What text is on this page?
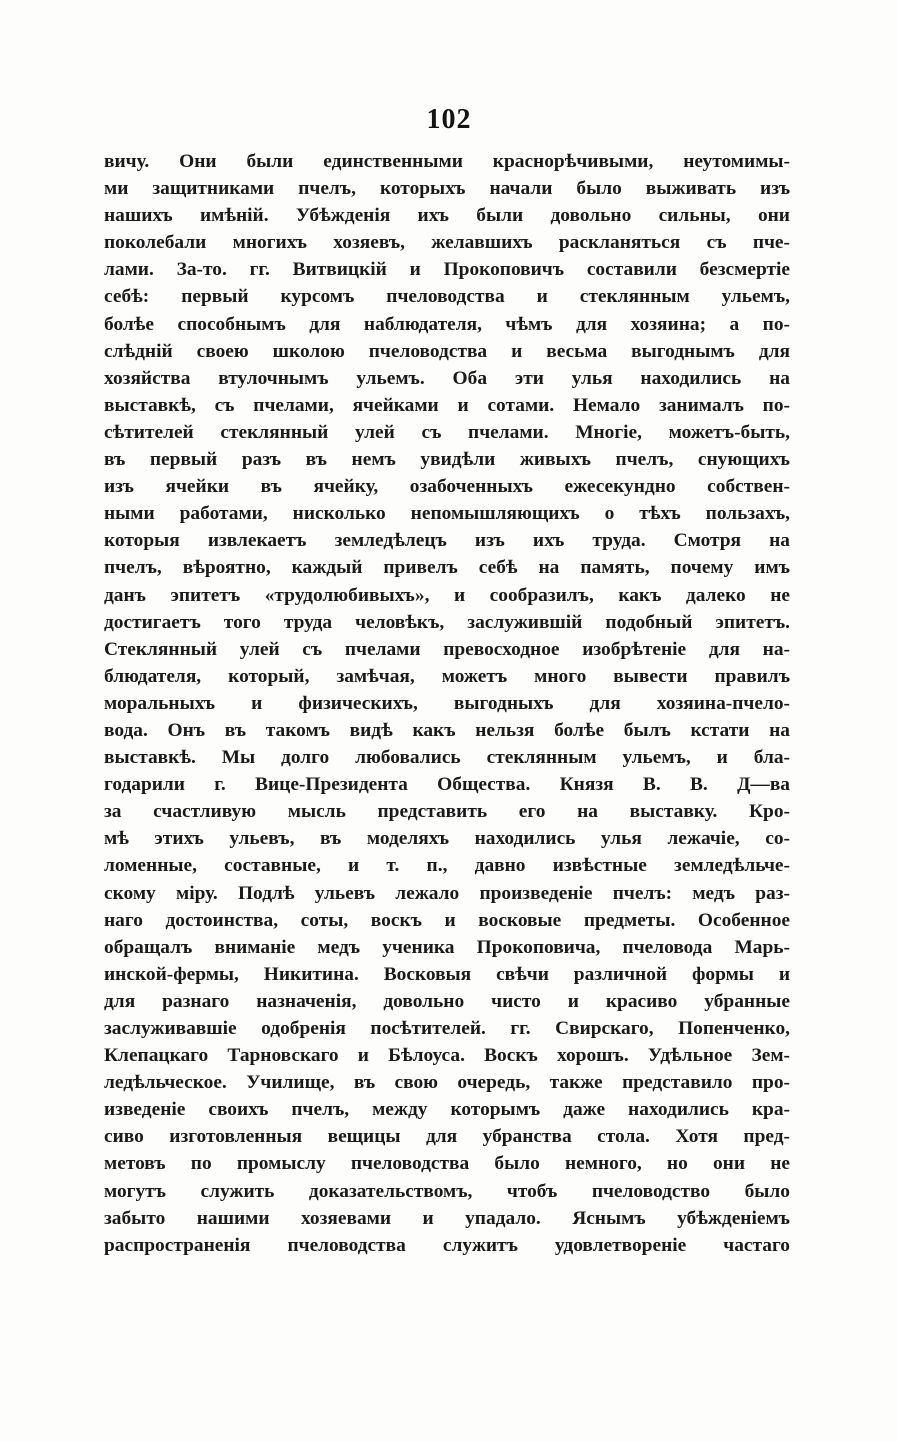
102
вичу. Они были единственными краснорѣчивыми, неутомимы-
ми защитниками пчелъ, которыхъ начали было выживать изъ
нашихъ имѣній. Убѣжденія ихъ были довольно сильны, они
поколебали многихъ хозяевъ, желавшихъ раскланяться съ пче-
лами. За-то. гг. Витвицкій и Прокоповичъ составили безсмертіе
себѣ: первый курсомъ пчеловодства и стеклянным ульемъ,
болѣе способнымъ для наблюдателя, чѣмъ для хозяина; а по-
слѣдній своею школою пчеловодства и весьма выгоднымъ для
хозяйства втулочнымъ ульемъ. Оба эти улья находились на
выставкѣ, съ пчелами, ячейками и сотами. Немало занималъ по-
сѣтителей стеклянный улей съ пчелами. Многіе, можетъ-быть,
въ первый разъ въ немъ увидѣли живыхъ пчелъ, снующихъ
изъ ячейки въ ячейку, озабоченныхъ ежесекундно собствен-
ными работами, нисколько непомышляющихъ о тѣхъ пользахъ,
которыя извлекаетъ земледѣлецъ изъ ихъ труда. Смотря на
пчелъ, вѣроятно, каждый привелъ себѣ на память, почему имъ
данъ эпитетъ «трудолюбивыхъ», и сообразилъ, какъ далеко не
достигаетъ того труда человѣкъ, заслужившій подобный эпитетъ.
Стеклянный улей съ пчелами превосходное изобрѣтеніе для на-
блюдателя, который, замѣчая, можетъ много вывести правилъ
моральныхъ и физическихъ, выгодныхъ для хозяина-пчело-
вода. Онъ въ такомъ видѣ какъ нельзя болѣе былъ кстати на
выставкѣ. Мы долго любовались стеклянным ульемъ, и бла-
годарили г. Вице-Президента Общества. Князя В. В. Д—ва
за счастливую мысль представить его на выставку. Кро-
мѣ этихъ ульевъ, въ моделяхъ находились улья лежачіе, со-
ломенные, составные, и т. п., давно извѣстные земледѣльче-
скому міру. Подлѣ ульевъ лежало произведеніе пчелъ: медъ раз-
наго достоинства, соты, воскъ и восковые предметы. Особенное
обращалъ вниманіе медъ ученика Прокоповича, пчеловода Марь-
инской-фермы, Никитина. Восковыя свѣчи различной формы и
для разнаго назначенія, довольно чисто и красиво убранные
заслуживавшіе одобренія посѣтителей. гг. Свирскаго, Попенченко,
Клепацкаго Тарновскаго и Бѣлоуса. Воскъ хорошъ. Удѣльное Зем-
ледѣльческое. Училище, въ свою очередь, также представило про-
изведеніе своихъ пчелъ, между которымъ даже находились кра-
сиво изготовленныя вещицы для убранства стола. Хотя пред-
метовъ по промыслу пчеловодства было немного, но они не
могутъ служить доказательствомъ, чтобъ пчеловодство было
забыто нашими хозяевами и упадало. Яснымъ убѣжденіемъ
распространенія пчеловодства служитъ удовлетвореніе частаго
